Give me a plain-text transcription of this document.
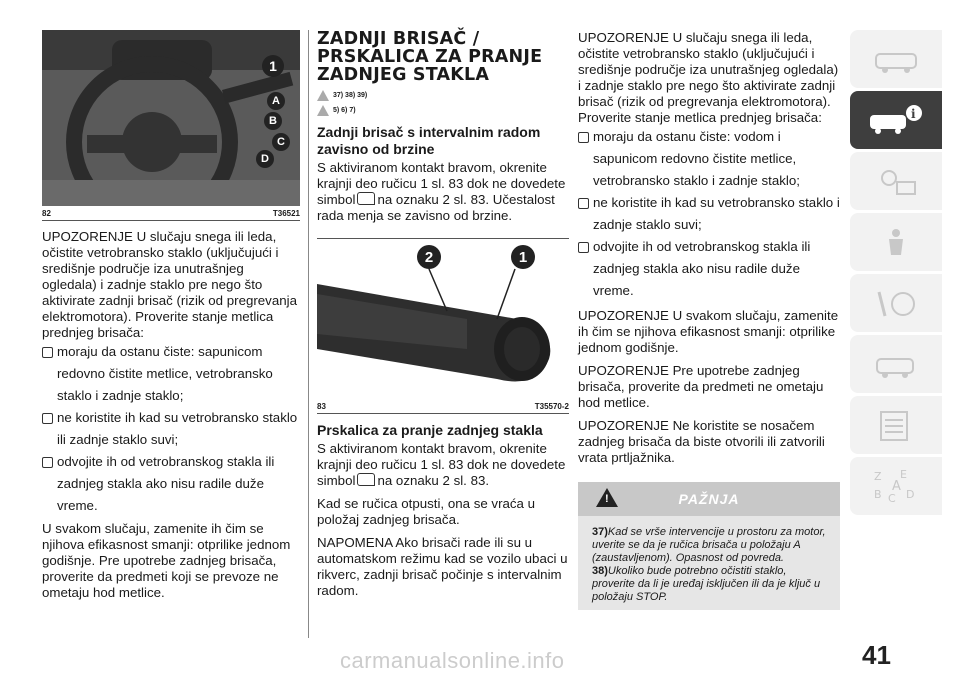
1
A
B
C
D
82	T36521

UPOZORENJE U slučaju snega ili leda, očistite vetrobransko staklo (uključujući i središnje područje iza unutrašnjeg ogledala) i zadnje staklo pre nego što aktivirate zadnji brisač (rizik od pregrevanja elektromotora). Proverite stanje metlica prednjeg brisača:

moraju da ostanu čiste: sapunicom redovno čistite metlice, vetrobransko staklo i zadnje staklo;
ne koristite ih kad su vetrobransko staklo ili zadnje staklo suvi;
odvojite ih od vetrobranskog stakla ili zadnjeg stakla ako nisu radile duže vreme.

U svakom slučaju, zamenite ih čim se njihova efikasnost smanji: otprilike jednom godišnje. Pre upotrebe zadnjeg brisača, proverite da predmeti koji se prevoze ne ometaju hod metlice.

ZADNJI BRISAČ /
PRSKALICA ZA PRANJE
ZADNJEG STAKLA
37) 38) 39)
5) 6) 7)
Zadnji brisač s intervalnim radom zavisno od brzine

S aktiviranom kontakt bravom, okrenite krajnji deo ručicu 1 sl. 83 dok ne dovedete simbol na oznaku 2 sl. 83. Učestalost rada menja se zavisno od brzine.

2	1
83	T35570-2
Prskalica za pranje zadnjeg stakla

S aktiviranom kontakt bravom, okrenite krajnji deo ručicu 1 sl. 83 dok ne dovedete simbol na oznaku 2 sl. 83.

Kad se ručica otpusti, ona se vraća u položaj zadnjeg brisača.

NAPOMENA Ako brisači rade ili su u automatskom režimu kad se vozilo ubaci u rikverc, zadnji brisač počinje s intervalnim radom.

UPOZORENJE U slučaju snega ili leda, očistite vetrobransko staklo (uključujući i središnje područje iza unutrašnjeg ogledala) i zadnje staklo pre nego što aktivirate zadnji brisač (rizik od pregrevanja elektromotora). Proverite stanje metlica prednjeg brisača:

moraju da ostanu čiste: vodom i sapunicom redovno čistite metlice, vetrobransko staklo i zadnje staklo;
ne koristite ih kad su vetrobransko staklo i zadnje staklo suvi;
odvojite ih od vetrobranskog stakla ili zadnjeg stakla ako nisu radile duže vreme.

UPOZORENJE U svakom slučaju, zamenite ih čim se njihova efikasnost smanji: otprilike jednom godišnje.

UPOZORENJE Pre upotrebe zadnjeg brisača, proverite da predmeti ne ometaju hod metlice.

UPOZORENJE Ne koristite se nosačem zadnjeg brisača da biste otvorili ili zatvorili vrata prtljažnika.

!	PAŽNJA
37)Kad se vrše intervencije u prostoru za motor, uverite se da je ručica brisača u položaju A (zaustavljenom). Opasnost od povreda.
38)Ukoliko bude potrebno očistiti staklo, proverite da li je uređaj isključen ili da je ključ u položaju STOP.
i
Z E
B C D
A
41
carmanualsonline.info
